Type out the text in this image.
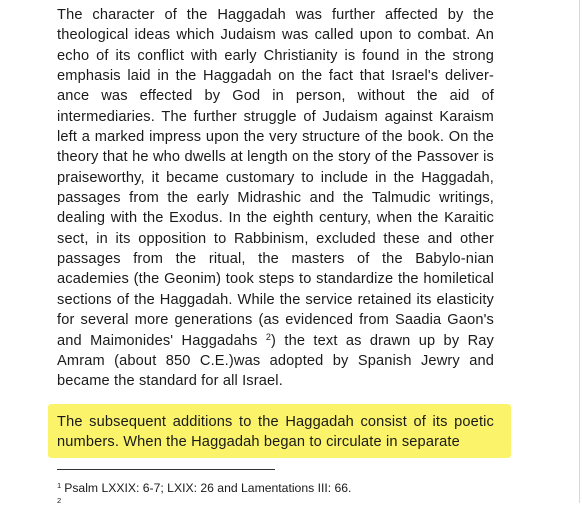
The character of the Haggadah was further affected by the theological ideas which Judaism was called upon to combat. An echo of its conflict with early Christianity is found in the strong emphasis laid in the Haggadah on the fact that Israel's deliver-ance was effected by God in person, without the aid of intermediaries. The further struggle of Judaism against Karaism left a marked impress upon the very structure of the book. On the theory that he who dwells at length on the story of the Passover is praiseworthy, it became customary to include in the Haggadah, passages from the early Midrashic and the Talmudic writings, dealing with the Exodus. In the eighth century, when the Karaitic sect, in its opposition to Rabbinism, excluded these and other passages from the ritual, the masters of the Babylo-nian academies (the Geonim) took steps to standardize the homiletical sections of the Haggadah. While the service retained its elasticity for several more generations (as evidenced from Saadia Gaon's and Maimonides' Haggadahs $^2$) the text as drawn up by Ray Amram (about 850 C.E.)was adopted by Spanish Jewry and became the standard for all Israel.

The subsequent additions to the Haggadah consist of its poetic numbers. When the Haggadah began to circulate in separate

$^1$ Psalm LXXIX: 6-7; LXIX: 26 and Lamentations III: 66.
$^2$
